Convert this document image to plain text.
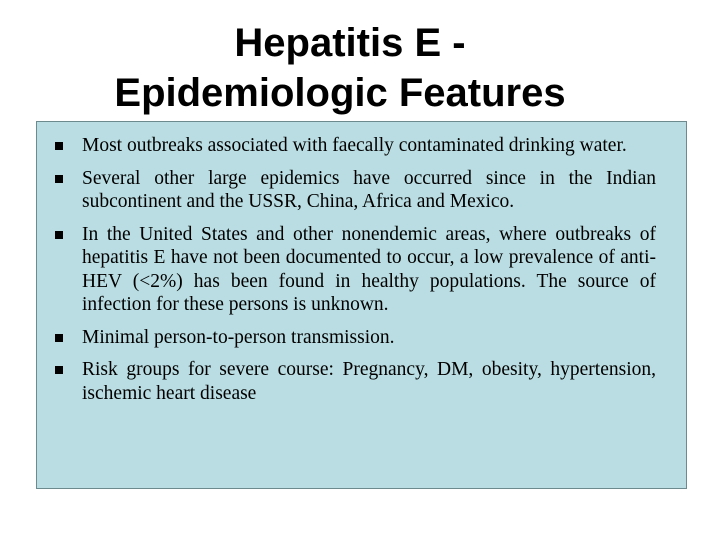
Hepatitis E -
Epidemiologic Features
Most outbreaks associated with faecally contaminated drinking water.
Several other large epidemics have occurred since in the Indian subcontinent and the USSR, China, Africa and Mexico.
In the United States and other nonendemic areas, where outbreaks of hepatitis E have not been documented to occur, a low prevalence of anti-HEV (<2%) has been found in healthy populations. The source of infection for these persons is unknown.
Minimal person-to-person transmission.
Risk groups for severe course: Pregnancy, DM, obesity, hypertension, ischemic heart disease
